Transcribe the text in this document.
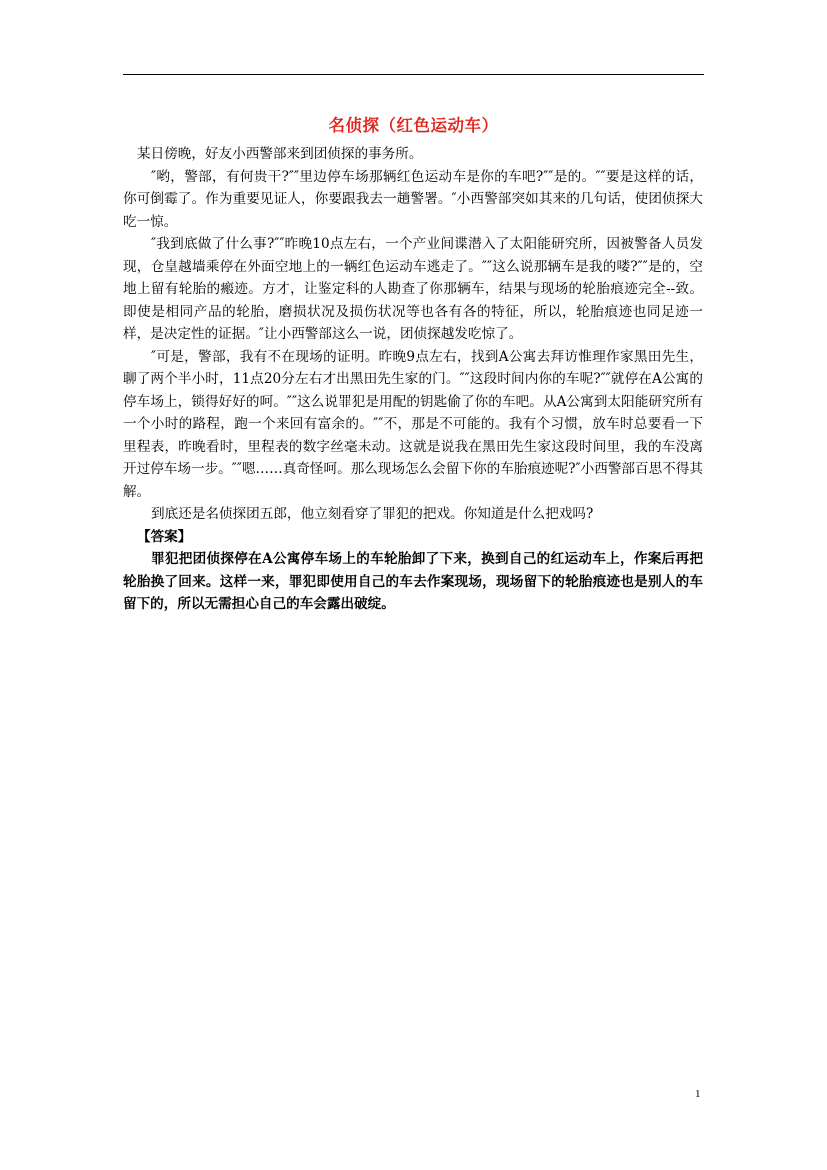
名侦探（红色运动车）

某日傍晚，好友小西警部来到团侦探的事务所。

″哟，警部，有何贵干?″″里边停车场那辆红色运动车是你的车吧?″″是的。″″要是这样的话，你可倒霉了。作为重要见证人，你要跟我去一趟警署。″小西警部突如其来的几句话，使团侦探大吃一惊。

″我到底做了什么事?″″昨晚10点左右，一个产业间谍潜入了太阳能研究所，因被警备人员发现，仓皇越墙乘停在外面空地上的一辆红色运动车逃走了。″″这么说那辆车是我的喽?″″是的，空地上留有轮胎的瘢迹。方才，让鉴定科的人勘查了你那辆车，结果与现场的轮胎痕迹完全--致。即使是相同产品的轮胎，磨损状况及损伤状况等也各有各的特征，所以，轮胎痕迹也同足迹一样，是决定性的证据。″让小西警部这么一说，团侦探越发吃惊了。

″可是，警部，我有不在现场的证明。昨晚9点左右，找到A公寓去拜访惟理作家黑田先生，聊了两个半小时，11点20分左右才出黑田先生家的门。″″这段时间内你的车呢?″″就停在A公寓的停车场上，锁得好好的呵。″″这么说罪犯是用配的钥匙偷了你的车吧。从A公寓到太阳能研究所有一个小时的路程，跑一个来回有富余的。″″不，那是不可能的。我有个习惯，放车时总要看一下里程表，昨晚看时，里程表的数字丝毫未动。这就是说我在黑田先生家这段时间里，我的车没离开过停车场一步。″″嗯……真奇怪呵。那么现场怎么会留下你的车胎痕迹呢?″小西警部百思不得其解。

到底还是名侦探团五郎，他立刻看穿了罪犯的把戏。你知道是什么把戏吗?

【答案】

罪犯把团侦探停在A公寓停车场上的车轮胎卸了下来，换到自己的红运动车上，作案后再把轮胎换了回来。这样一来，罪犯即使用自己的车去作案现场，现场留下的轮胎痕迹也是别人的车留下的，所以无需担心自己的车会露出破绽。

1
